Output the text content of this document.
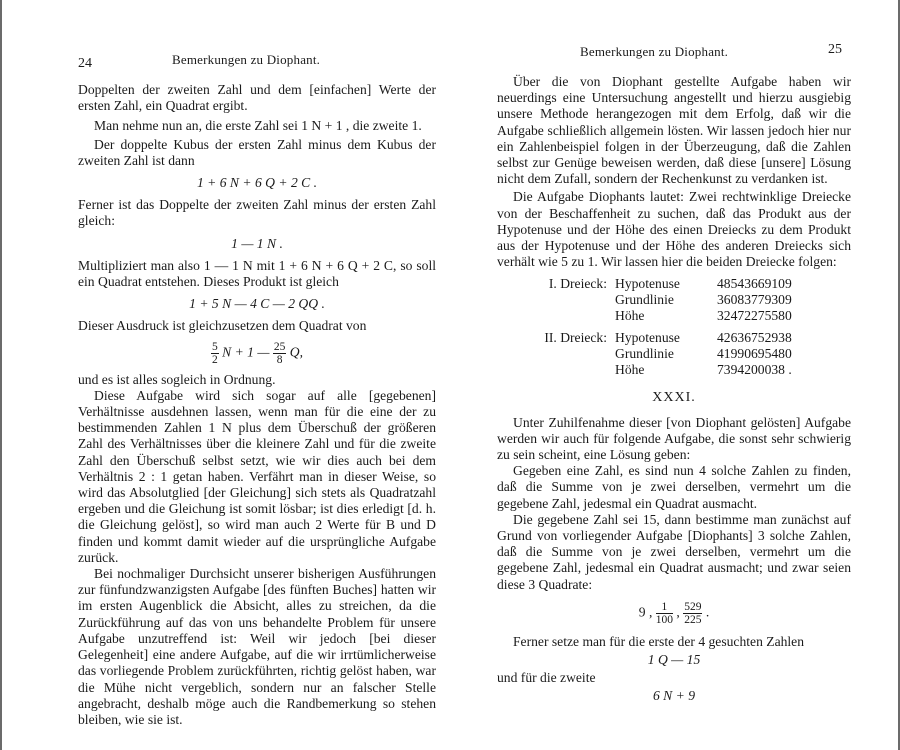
24	Bemerkungen zu Diophant.

Doppelten der zweiten Zahl und dem [einfachen] Werte der ersten Zahl, ein Quadrat ergibt.

Man nehme nun an, die erste Zahl sei 1 N + 1 , die zweite 1.

Der doppelte Kubus der ersten Zahl minus dem Kubus der zweiten Zahl ist dann

1 + 6 N + 6 Q + 2 C .

Ferner ist das Doppelte der zweiten Zahl minus der ersten Zahl gleich:

1 — 1 N .

Multipliziert man also 1 — 1 N mit 1 + 6 N + 6 Q + 2 C, so soll ein Quadrat entstehen. Dieses Produkt ist gleich

1 + 5 N — 4 C — 2 QQ .

Dieser Ausdruck ist gleichzusetzen dem Quadrat von

$\frac{5}{2}$ N + 1 — $\frac{25}{8} Q$,

und es ist alles sogleich in Ordnung.

Diese Aufgabe wird sich sogar auf alle [gegebenen] Verhältnisse ausdehnen lassen, wenn man für die eine der zu bestimmenden Zahlen 1 N plus dem Überschuß der größeren Zahl des Verhältnisses über die kleinere Zahl und für die zweite Zahl den Überschuß selbst setzt, wie wir dies auch bei dem Verhältnis 2 : 1 getan haben. Verfährt man in dieser Weise, so wird das Absolutglied [der Gleichung] sich stets als Quadratzahl ergeben und die Gleichung ist somit lösbar; ist dies erledigt [d. h. die Gleichung gelöst], so wird man auch 2 Werte für B und D finden und kommt damit wieder auf die ursprüngliche Aufgabe zurück.

Bei nochmaliger Durchsicht unserer bisherigen Ausführungen zur fünfundzwanzigsten Aufgabe [des fünften Buches] hatten wir im ersten Augenblick die Absicht, alles zu streichen, da die Zurückführung auf das von uns behandelte Problem für unsere Aufgabe unzutreffend ist: Weil wir jedoch [bei dieser Gelegenheit] eine andere Aufgabe, auf die wir irrtümlicherweise das vorliegende Problem zurückführten, richtig gelöst haben, war die Mühe nicht vergeblich, sondern nur an falscher Stelle angebracht, deshalb möge auch die Randbemerkung so stehen bleiben, wie sie ist.

Bemerkungen zu Diophant.	25

Über die von Diophant gestellte Aufgabe haben wir neuerdings eine Untersuchung angestellt und hierzu ausgiebig unsere Methode herangezogen mit dem Erfolg, daß wir die Aufgabe schließlich allgemein lösten. Wir lassen jedoch hier nur ein Zahlenbeispiel folgen in der Überzeugung, daß die Zahlen selbst zur Genüge beweisen werden, daß diese [unsere] Lösung nicht dem Zufall, sondern der Rechenkunst zu verdanken ist.

Die Aufgabe Diophants lautet: Zwei rechtwinklige Dreiecke von der Beschaffenheit zu suchen, daß das Produkt aus der Hypotenuse und der Höhe des einen Dreiecks zu dem Produkt aus der Hypotenuse und der Höhe des anderen Dreiecks sich verhält wie 5 zu 1. Wir lassen hier die beiden Dreiecke folgen:

I. Dreieck:	Hypotenuse	48543669109
	Grundlinie	36083779309
	Höhe	32472275580
II. Dreieck:	Hypotenuse	42636752938
	Grundlinie	41990695480
	Höhe	7394200038 .
XXXI.

Unter Zuhilfenahme dieser [von Diophant gelösten] Aufgabe werden wir auch für folgende Aufgabe, die sonst sehr schwierig zu sein scheint, eine Lösung geben:

Gegeben eine Zahl, es sind nun 4 solche Zahlen zu finden, daß die Summe von je zwei derselben, vermehrt um die gegebene Zahl, jedesmal ein Quadrat ausmacht.

Die gegebene Zahl sei 15, dann bestimme man zunächst auf Grund von vorliegender Aufgabe [Diophants] 3 solche Zahlen, daß die Summe von je zwei derselben, vermehrt um die gegebene Zahl, jedesmal ein Quadrat ausmacht; und zwar seien diese 3 Quadrate:

9 , $\frac{1}{100}$ , $\frac{529}{225}$ .

Ferner setze man für die erste der 4 gesuchten Zahlen

1 Q — 15

und für die zweite

6 N + 9
